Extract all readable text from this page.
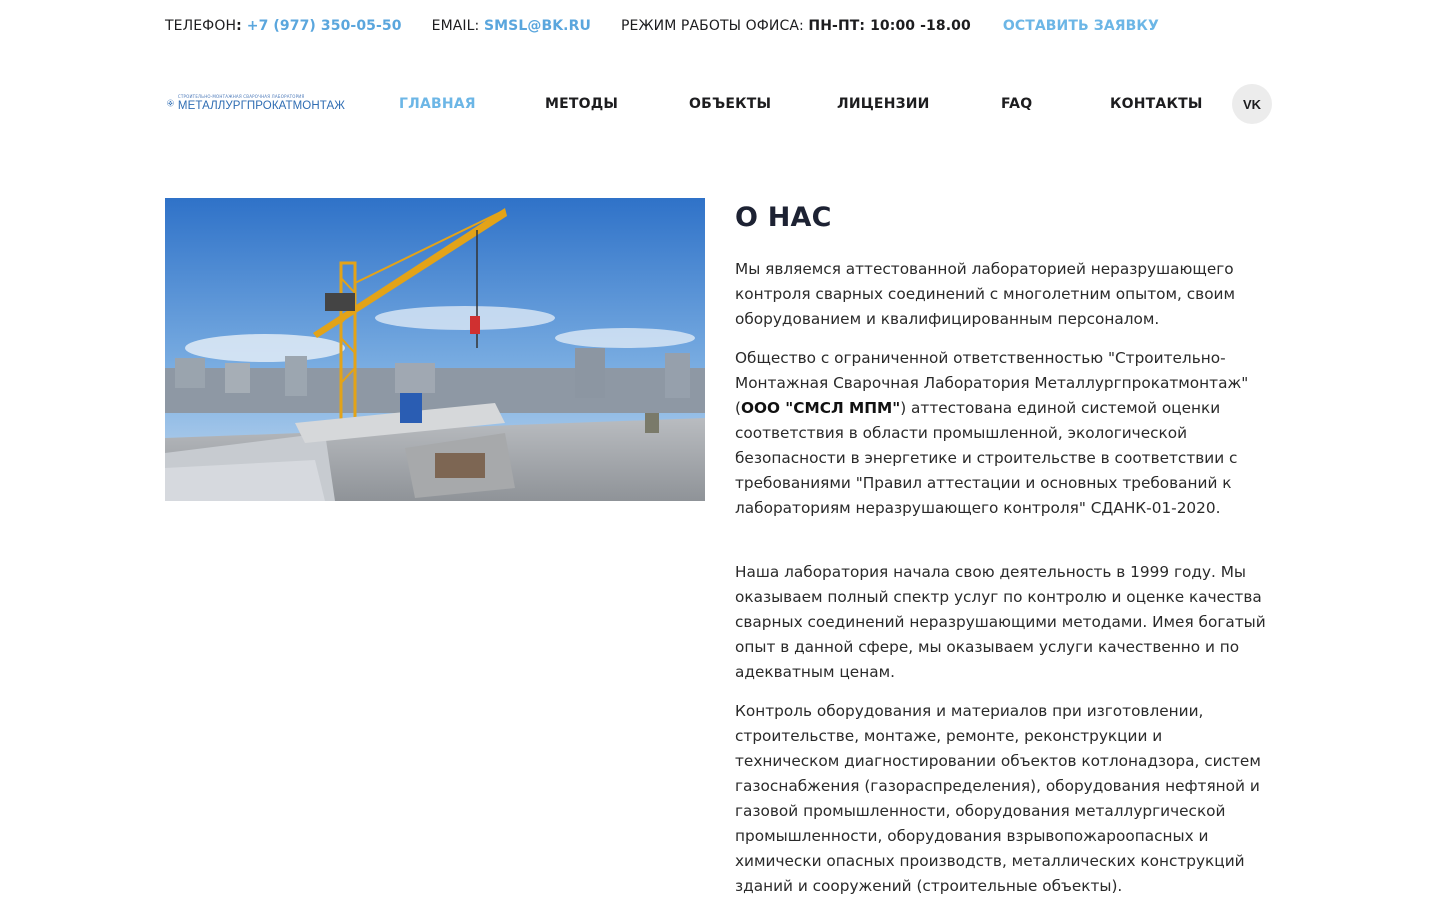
ТЕЛЕФОН: +7 (977) 350-05-50 EMAIL: SMSL@BK.RU РЕЖИМ РАБОТЫ ОФИСА: ПН-ПТ: 10:00 -18.00 ОСТАВИТЬ ЗАЯВКУ
СТРОИТЕЛЬНО-МОНТАЖНАЯ СВАРОЧНАЯ ЛАБОРАТОРИЯ
МЕТАЛЛУРГПРОКАТМОНТАЖ	ГЛАВНАЯ	МЕТОДЫ	ОБЪЕКТЫ	ЛИЦЕНЗИИ	FAQ	КОНТАКТЫ	VK
О НАС

Мы являемся аттестованной лабораторией неразрушающего контроля сварных соединений с многолетним опытом, своим оборудованием и квалифицированным персоналом.

Общество с ограниченной ответственностью "Строительно-Монтажная Сварочная Лаборатория Металлургпрокатмонтаж" (ООО "СМСЛ МПМ") аттестована единой системой оценки соответствия в области промышленной, экологической безопасности в энергетике и строительстве в соответствии с требованиями "Правил аттестации и основных требований к лабораториям неразрушающего контроля" СДАНК-01-2020.

Наша лаборатория начала свою деятельность в 1999 году. Мы оказываем полный спектр услуг по контролю и оценке качества сварных соединений неразрушающими методами. Имея богатый опыт в данной сфере, мы оказываем услуги качественно и по адекватным ценам.

Контроль оборудования и материалов при изготовлении, строительстве, монтаже, ремонте, реконструкции и техническом диагностировании объектов котлонадзора, систем газоснабжения (газораспределения), оборудования нефтяной и газовой промышленности, оборудования металлургической промышленности, оборудования взрывопожароопасных и химически опасных производств, металлических конструкций зданий и сооружений (строительные объекты).
